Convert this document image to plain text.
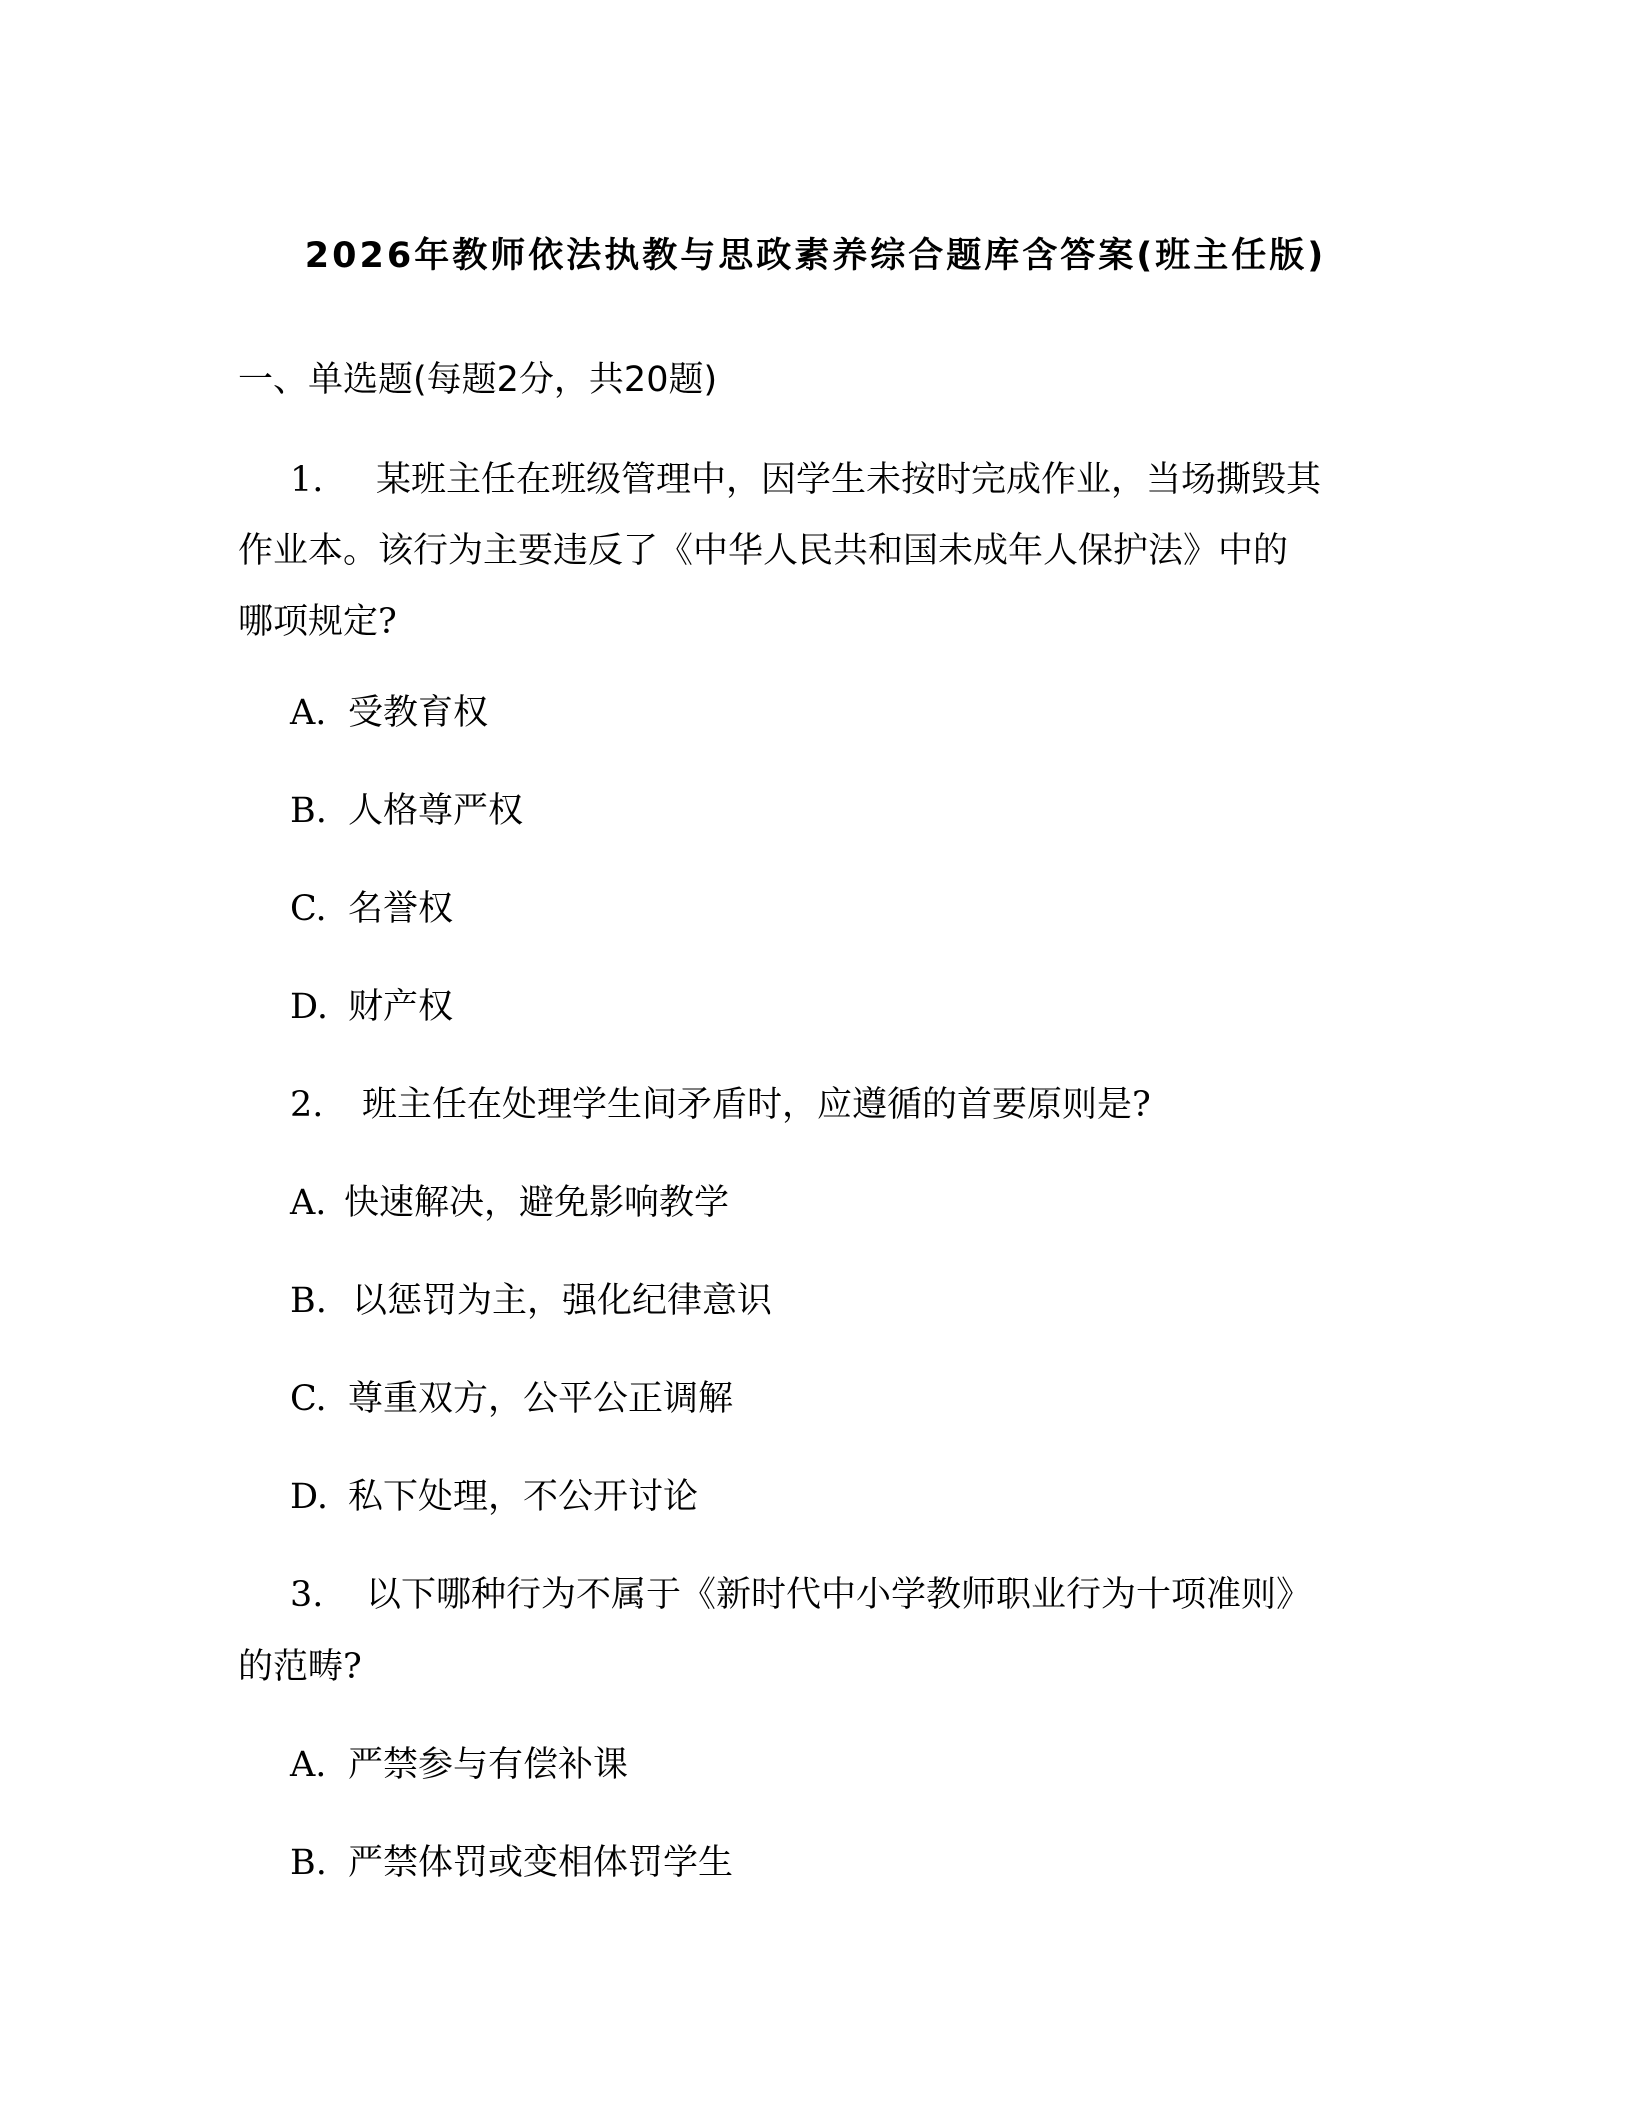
2026年教师依法执教与思政素养综合题库含答案(班主任版)
一、单选题(每题2分，共20题)
1. 某班主任在班级管理中，因学生未按时完成作业，当场撕毁其
作业本。该行为主要违反了《中华人民共和国未成年人保护法》中的
哪项规定?
A. 受教育权
B. 人格尊严权
C. 名誉权
D. 财产权
2. 班主任在处理学生间矛盾时，应遵循的首要原则是?
A. 快速解决，避免影响教学
B. 以惩罚为主，强化纪律意识
C. 尊重双方，公平公正调解
D. 私下处理，不公开讨论
3. 以下哪种行为不属于《新时代中小学教师职业行为十项准则》
的范畴?
A. 严禁参与有偿补课
B. 严禁体罚或变相体罚学生
